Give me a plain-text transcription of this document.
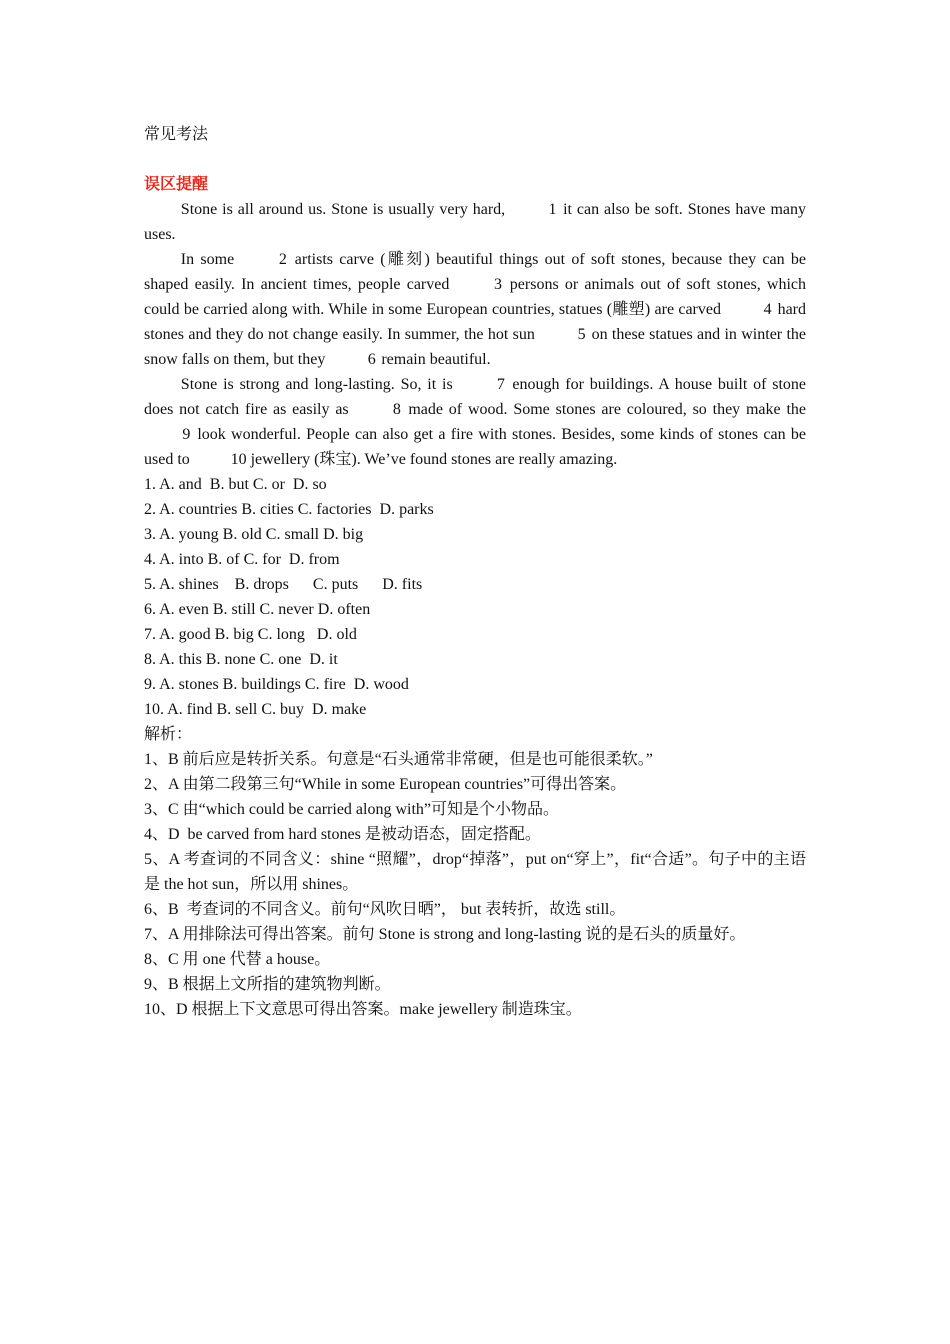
常见考法
误区提醒
Stone is all around us. Stone is usually very hard,	1 it can also be soft. Stones have many uses.
In some	2 artists carve (雕刻) beautiful things out of soft stones, because they can be shaped easily. In ancient times, people carved	3 persons or animals out of soft stones, which could be carried along with. While in some European countries, statues (雕塑) are carved	4 hard stones and they do not change easily. In summer, the hot sun	5 on these statues and in winter the snow falls on them, but they	6 remain beautiful.
Stone is strong and long-lasting. So, it is	7 enough for buildings. A house built of stone does not catch fire as easily as	8 made of wood. Some stones are coloured, so they make the 9 look wonderful. People can also get a fire with stones. Besides, some kinds of stones can be used to	10 jewellery (珠宝). We’ve found stones are really amazing.
1. A. and  B. but C. or  D. so
2. A. countries B. cities C. factories  D. parks
3. A. young B. old C. small D. big
4. A. into B. of C. for  D. from
5. A. shines    B. drops      C. puts      D. fits
6. A. even B. still C. never D. often
7. A. good B. big C. long   D. old
8. A. this B. none C. one  D. it
9. A. stones B. buildings C. fire  D. wood
10. A. find B. sell C. buy  D. make
解析：
1、B 前后应是转折关系。句意是“石头通常非常硬，但是也可能很柔软。”
2、A 由第二段第三句“While in some European countries”可得出答案。
3、C 由“which could be carried along with”可知是个小物品。
4、D  be carved from hard stones 是被动语态，固定搭配。
5、A 考查词的不同含义：shine “照耀”，drop“掉落”，put on“穿上”，fit“合适”。句子中的主语是 the hot sun，所以用 shines。
6、B  考查词的不同含义。前句“风吹日晒”， but 表转折，故选 still。
7、A 用排除法可得出答案。前句 Stone is strong and long-lasting 说的是石头的质量好。
8、C 用 one 代替 a house。
9、B 根据上文所指的建筑物判断。
10、D 根据上下文意思可得出答案。make jewellery 制造珠宝。
